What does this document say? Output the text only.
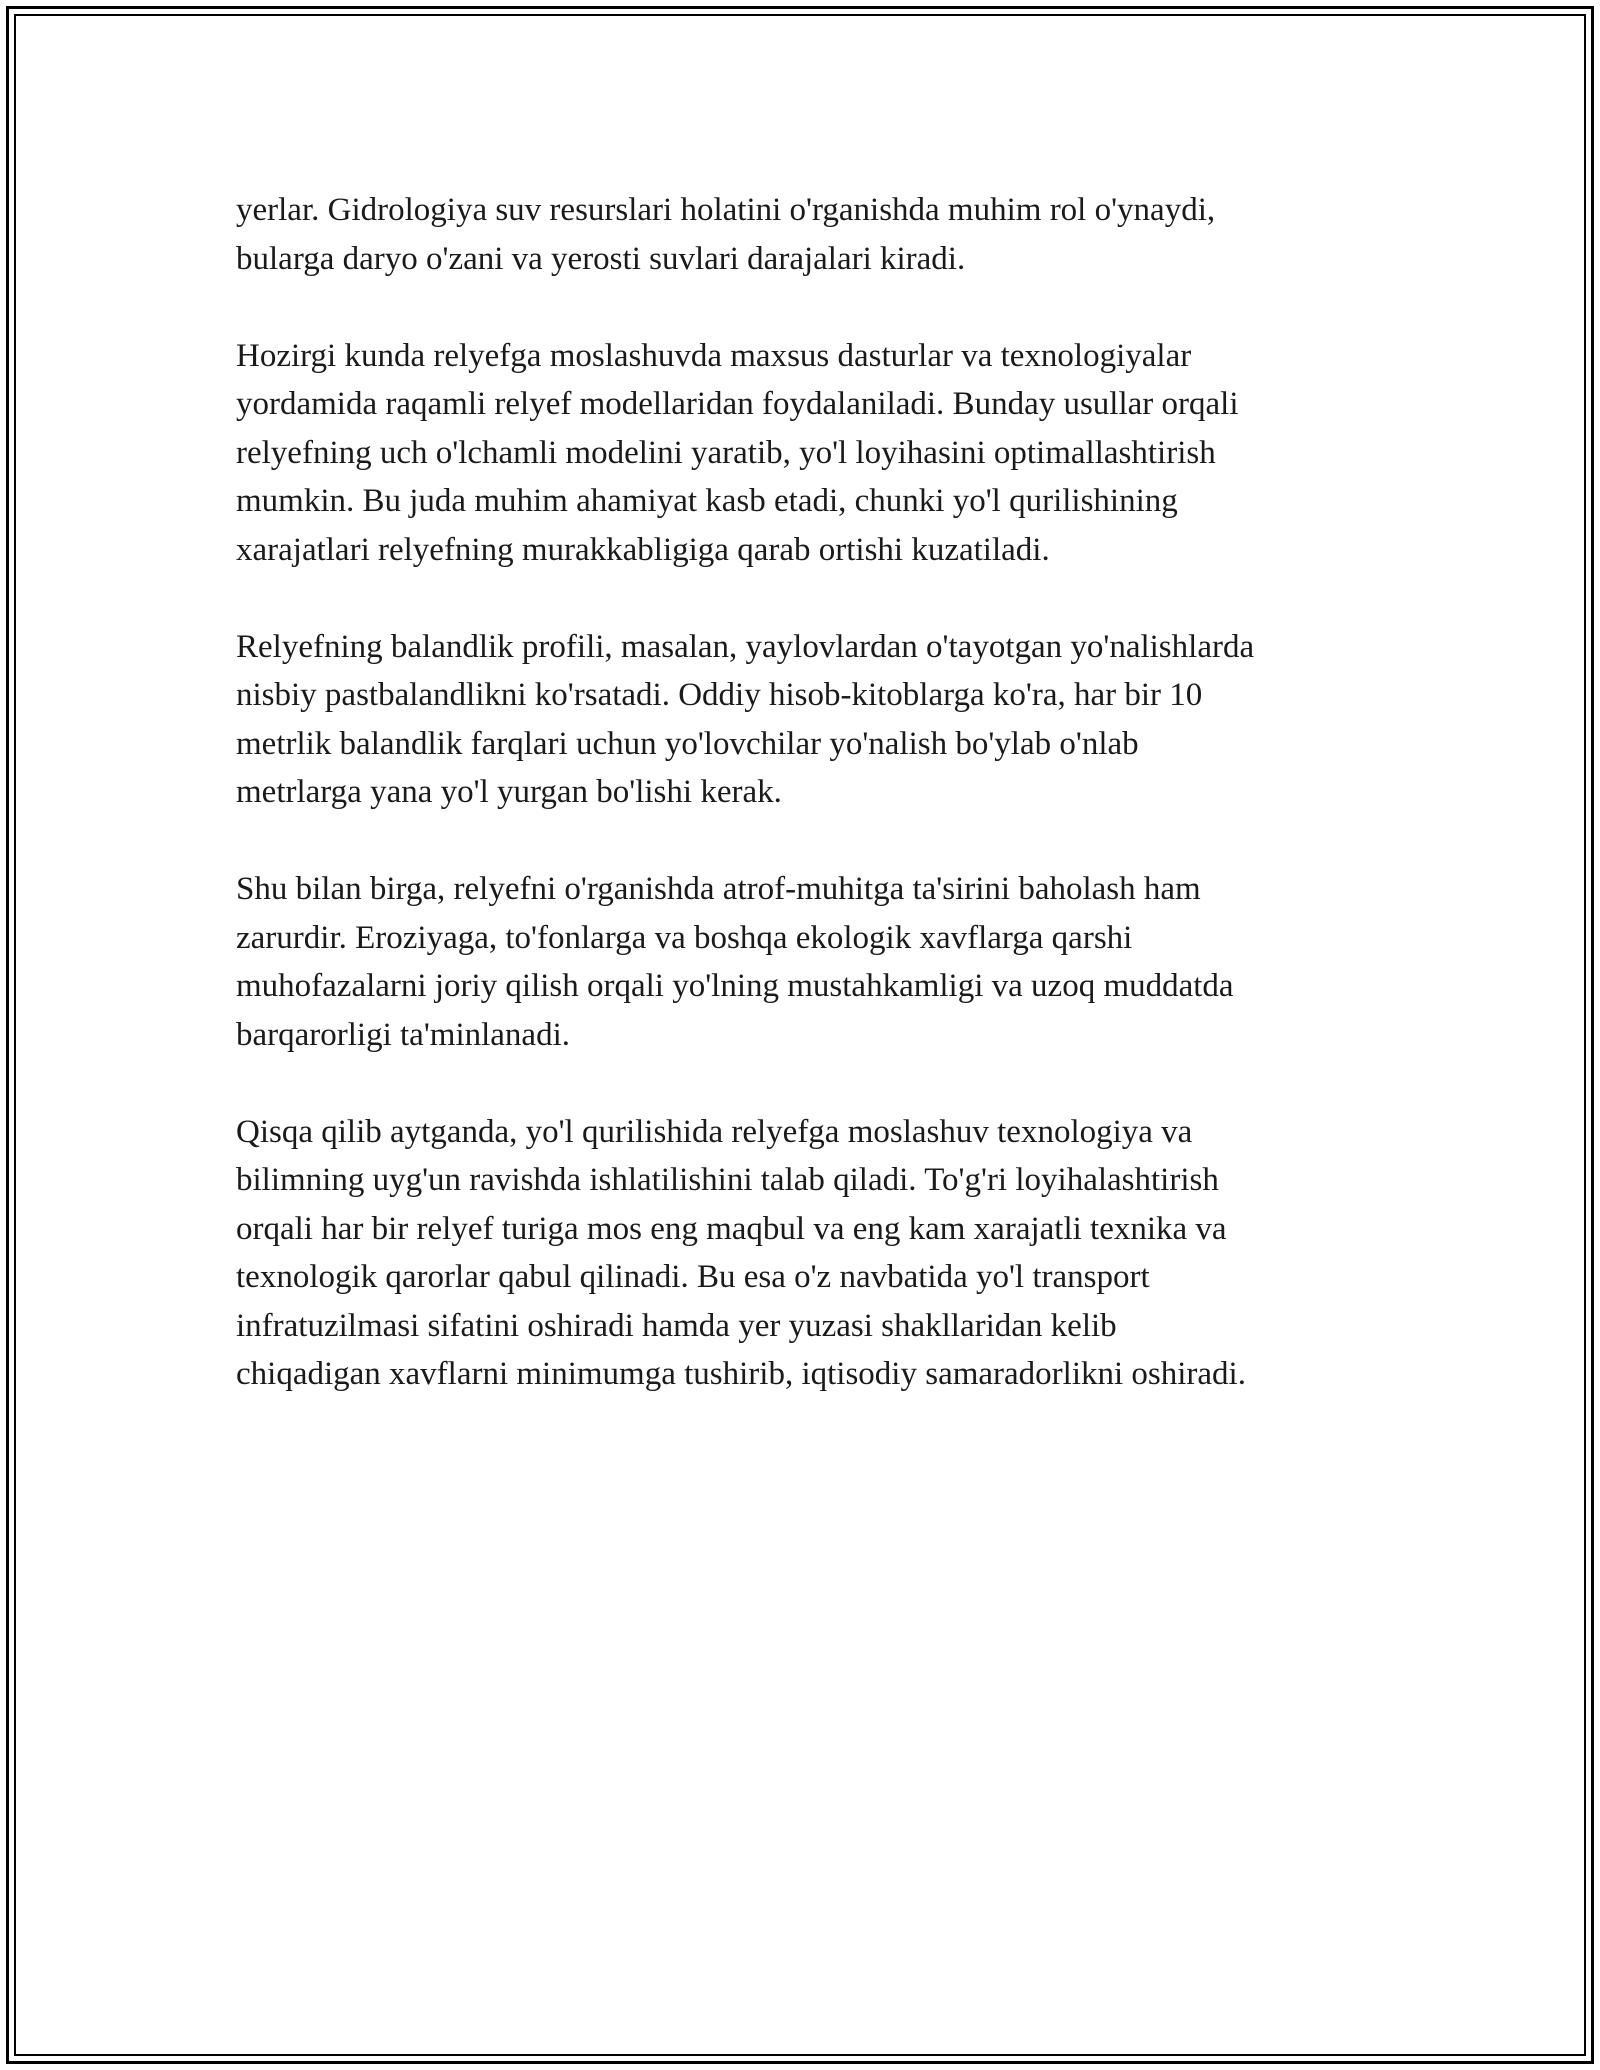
yerlar. Gidrologiya suv resurslari holatini o'rganishda muhim rol o'ynaydi,
bularga daryo o'zani va yerosti suvlari darajalari kiradi.

Hozirgi kunda relyefga moslashuvda maxsus dasturlar va texnologiyalar
yordamida raqamli relyef modellaridan foydalaniladi. Bunday usullar orqali
relyefning uch o'lchamli modelini yaratib, yo'l loyihasini optimallashtirish
mumkin. Bu juda muhim ahamiyat kasb etadi, chunki yo'l qurilishining
xarajatlari relyefning murakkabligiga qarab ortishi kuzatiladi.

Relyefning balandlik profili, masalan, yaylovlardan o'tayotgan yo'nalishlarda
nisbiy pastbalandlikni ko'rsatadi. Oddiy hisob-kitoblarga ko'ra, har bir 10
metrlik balandlik farqlari uchun yo'lovchilar yo'nalish bo'ylab o'nlab
metrlarga yana yo'l yurgan bo'lishi kerak.

Shu bilan birga, relyefni o'rganishda atrof-muhitga ta'sirini baholash ham
zarurdir. Eroziyaga, to'fonlarga va boshqa ekologik xavflarga qarshi
muhofazalarni joriy qilish orqali yo'lning mustahkamligi va uzoq muddatda
barqarorligi ta'minlanadi.

Qisqa qilib aytganda, yo'l qurilishida relyefga moslashuv texnologiya va
bilimning uyg'un ravishda ishlatilishini talab qiladi. To'g'ri loyihalashtirish
orqali har bir relyef turiga mos eng maqbul va eng kam xarajatli texnika va
texnologik qarorlar qabul qilinadi. Bu esa o'z navbatida yo'l transport
infratuzilmasi sifatini oshiradi hamda yer yuzasi shakllaridan kelib
chiqadigan xavflarni minimumga tushirib, iqtisodiy samaradorlikni oshiradi.
